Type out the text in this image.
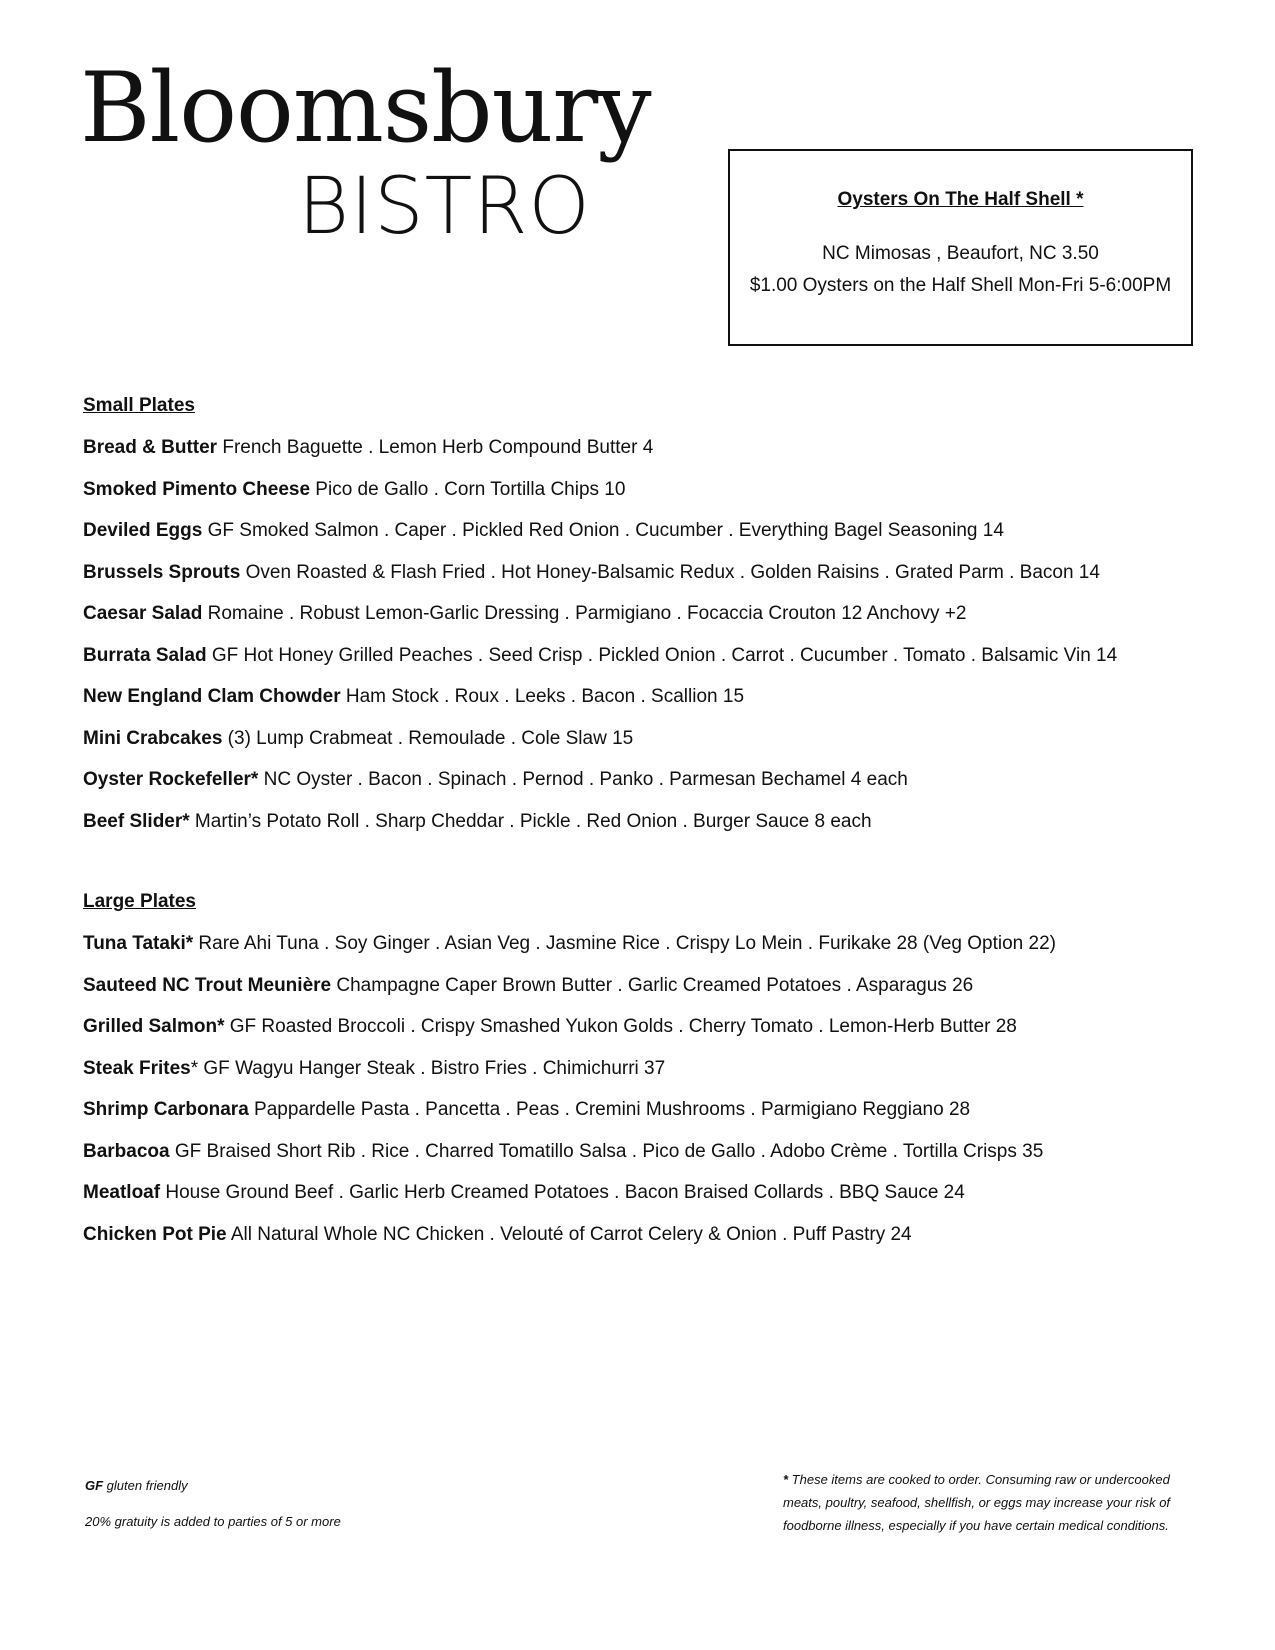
Bloomsbury
BISTRO	Oysters On The Half Shell *
NC Mimosas , Beaufort, NC 3.50
$1.00 Oysters on the Half Shell Mon-Fri 5-6:00PM
Small Plates
Bread & Butter French Baguette . Lemon Herb Compound Butter 4
Smoked Pimento Cheese Pico de Gallo . Corn Tortilla Chips 10
Deviled Eggs GF Smoked Salmon . Caper . Pickled Red Onion . Cucumber . Everything Bagel Seasoning 14
Brussels Sprouts Oven Roasted & Flash Fried . Hot Honey-Balsamic Redux . Golden Raisins . Grated Parm . Bacon 14
Caesar Salad Romaine . Robust Lemon-Garlic Dressing . Parmigiano . Focaccia Crouton 12 Anchovy +2
Burrata Salad GF Hot Honey Grilled Peaches . Seed Crisp . Pickled Onion . Carrot . Cucumber . Tomato . Balsamic Vin 14
New England Clam Chowder Ham Stock . Roux . Leeks . Bacon . Scallion 15
Mini Crabcakes (3) Lump Crabmeat . Remoulade . Cole Slaw 15
Oyster Rockefeller* NC Oyster . Bacon . Spinach . Pernod . Panko . Parmesan Bechamel 4 each
Beef Slider* Martin’s Potato Roll . Sharp Cheddar . Pickle . Red Onion . Burger Sauce 8 each
Large Plates
Tuna Tataki* Rare Ahi Tuna . Soy Ginger . Asian Veg . Jasmine Rice . Crispy Lo Mein . Furikake 28 (Veg Option 22)
Sauteed NC Trout Meunière Champagne Caper Brown Butter . Garlic Creamed Potatoes . Asparagus 26
Grilled Salmon* GF Roasted Broccoli . Crispy Smashed Yukon Golds . Cherry Tomato . Lemon-Herb Butter 28
Steak Frites* GF Wagyu Hanger Steak . Bistro Fries . Chimichurri 37
Shrimp Carbonara Pappardelle Pasta . Pancetta . Peas . Cremini Mushrooms . Parmigiano Reggiano 28
Barbacoa GF Braised Short Rib . Rice . Charred Tomatillo Salsa . Pico de Gallo . Adobo Crème . Tortilla Crisps 35
Meatloaf House Ground Beef . Garlic Herb Creamed Potatoes . Bacon Braised Collards . BBQ Sauce 24
Chicken Pot Pie All Natural Whole NC Chicken . Velouté of Carrot Celery & Onion . Puff Pastry 24
GF gluten friendly
20% gratuity is added to parties of 5 or more
* These items are cooked to order. Consuming raw or undercooked meats, poultry, seafood, shellfish, or eggs may increase your risk of foodborne illness, especially if you have certain medical conditions.
